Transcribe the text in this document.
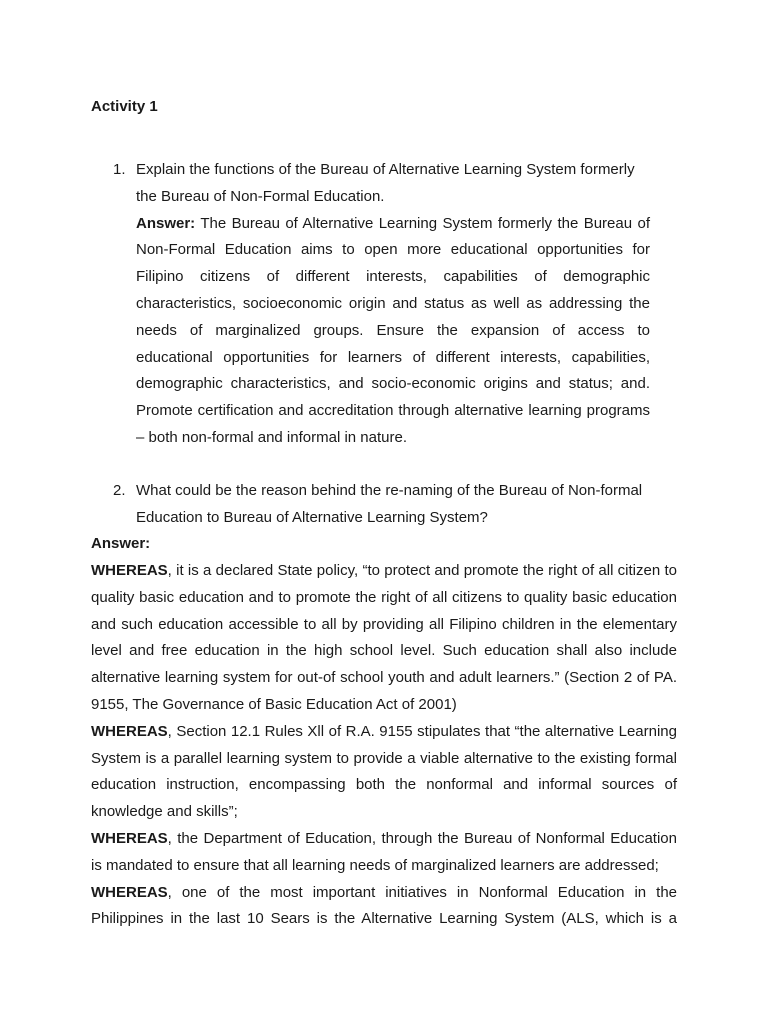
Activity 1
1. Explain the functions of the Bureau of Alternative Learning System formerly the Bureau of Non-Formal Education.

Answer: The Bureau of Alternative Learning System formerly the Bureau of Non-Formal Education aims to open more educational opportunities for Filipino citizens of different interests, capabilities of demographic characteristics, socioeconomic origin and status as well as addressing the needs of marginalized groups. Ensure the expansion of access to educational opportunities for learners of different interests, capabilities, demographic characteristics, and socio-economic origins and status; and. Promote certification and accreditation through alternative learning programs – both non-formal and informal in nature.

2. What could be the reason behind the re-naming of the Bureau of Non-formal Education to Bureau of Alternative Learning System?

Answer:

WHEREAS, it is a declared State policy, “to protect and promote the right of all citizen to quality basic education and to promote the right of all citizens to quality basic education and such education accessible to all by providing all Filipino children in the elementary level and free education in the high school level. Such education shall also include alternative learning system for out-of school youth and adult learners.” (Section 2 of PA. 9155, The Governance of Basic Education Act of 2001)

WHEREAS, Section 12.1 Rules Xll of R.A. 9155 stipulates that “the alternative Learning System is a parallel learning system to provide a viable alternative to the existing formal education instruction, encompassing both the nonformal and informal sources of knowledge and skills”;

WHEREAS, the Department of Education, through the Bureau of Nonformal Education is mandated to ensure that all learning needs of marginalized learners are addressed;

WHEREAS, one of the most important initiatives in Nonformal Education in the Philippines in the last 10 Sears is the Alternative Learning System (ALS, which is a
